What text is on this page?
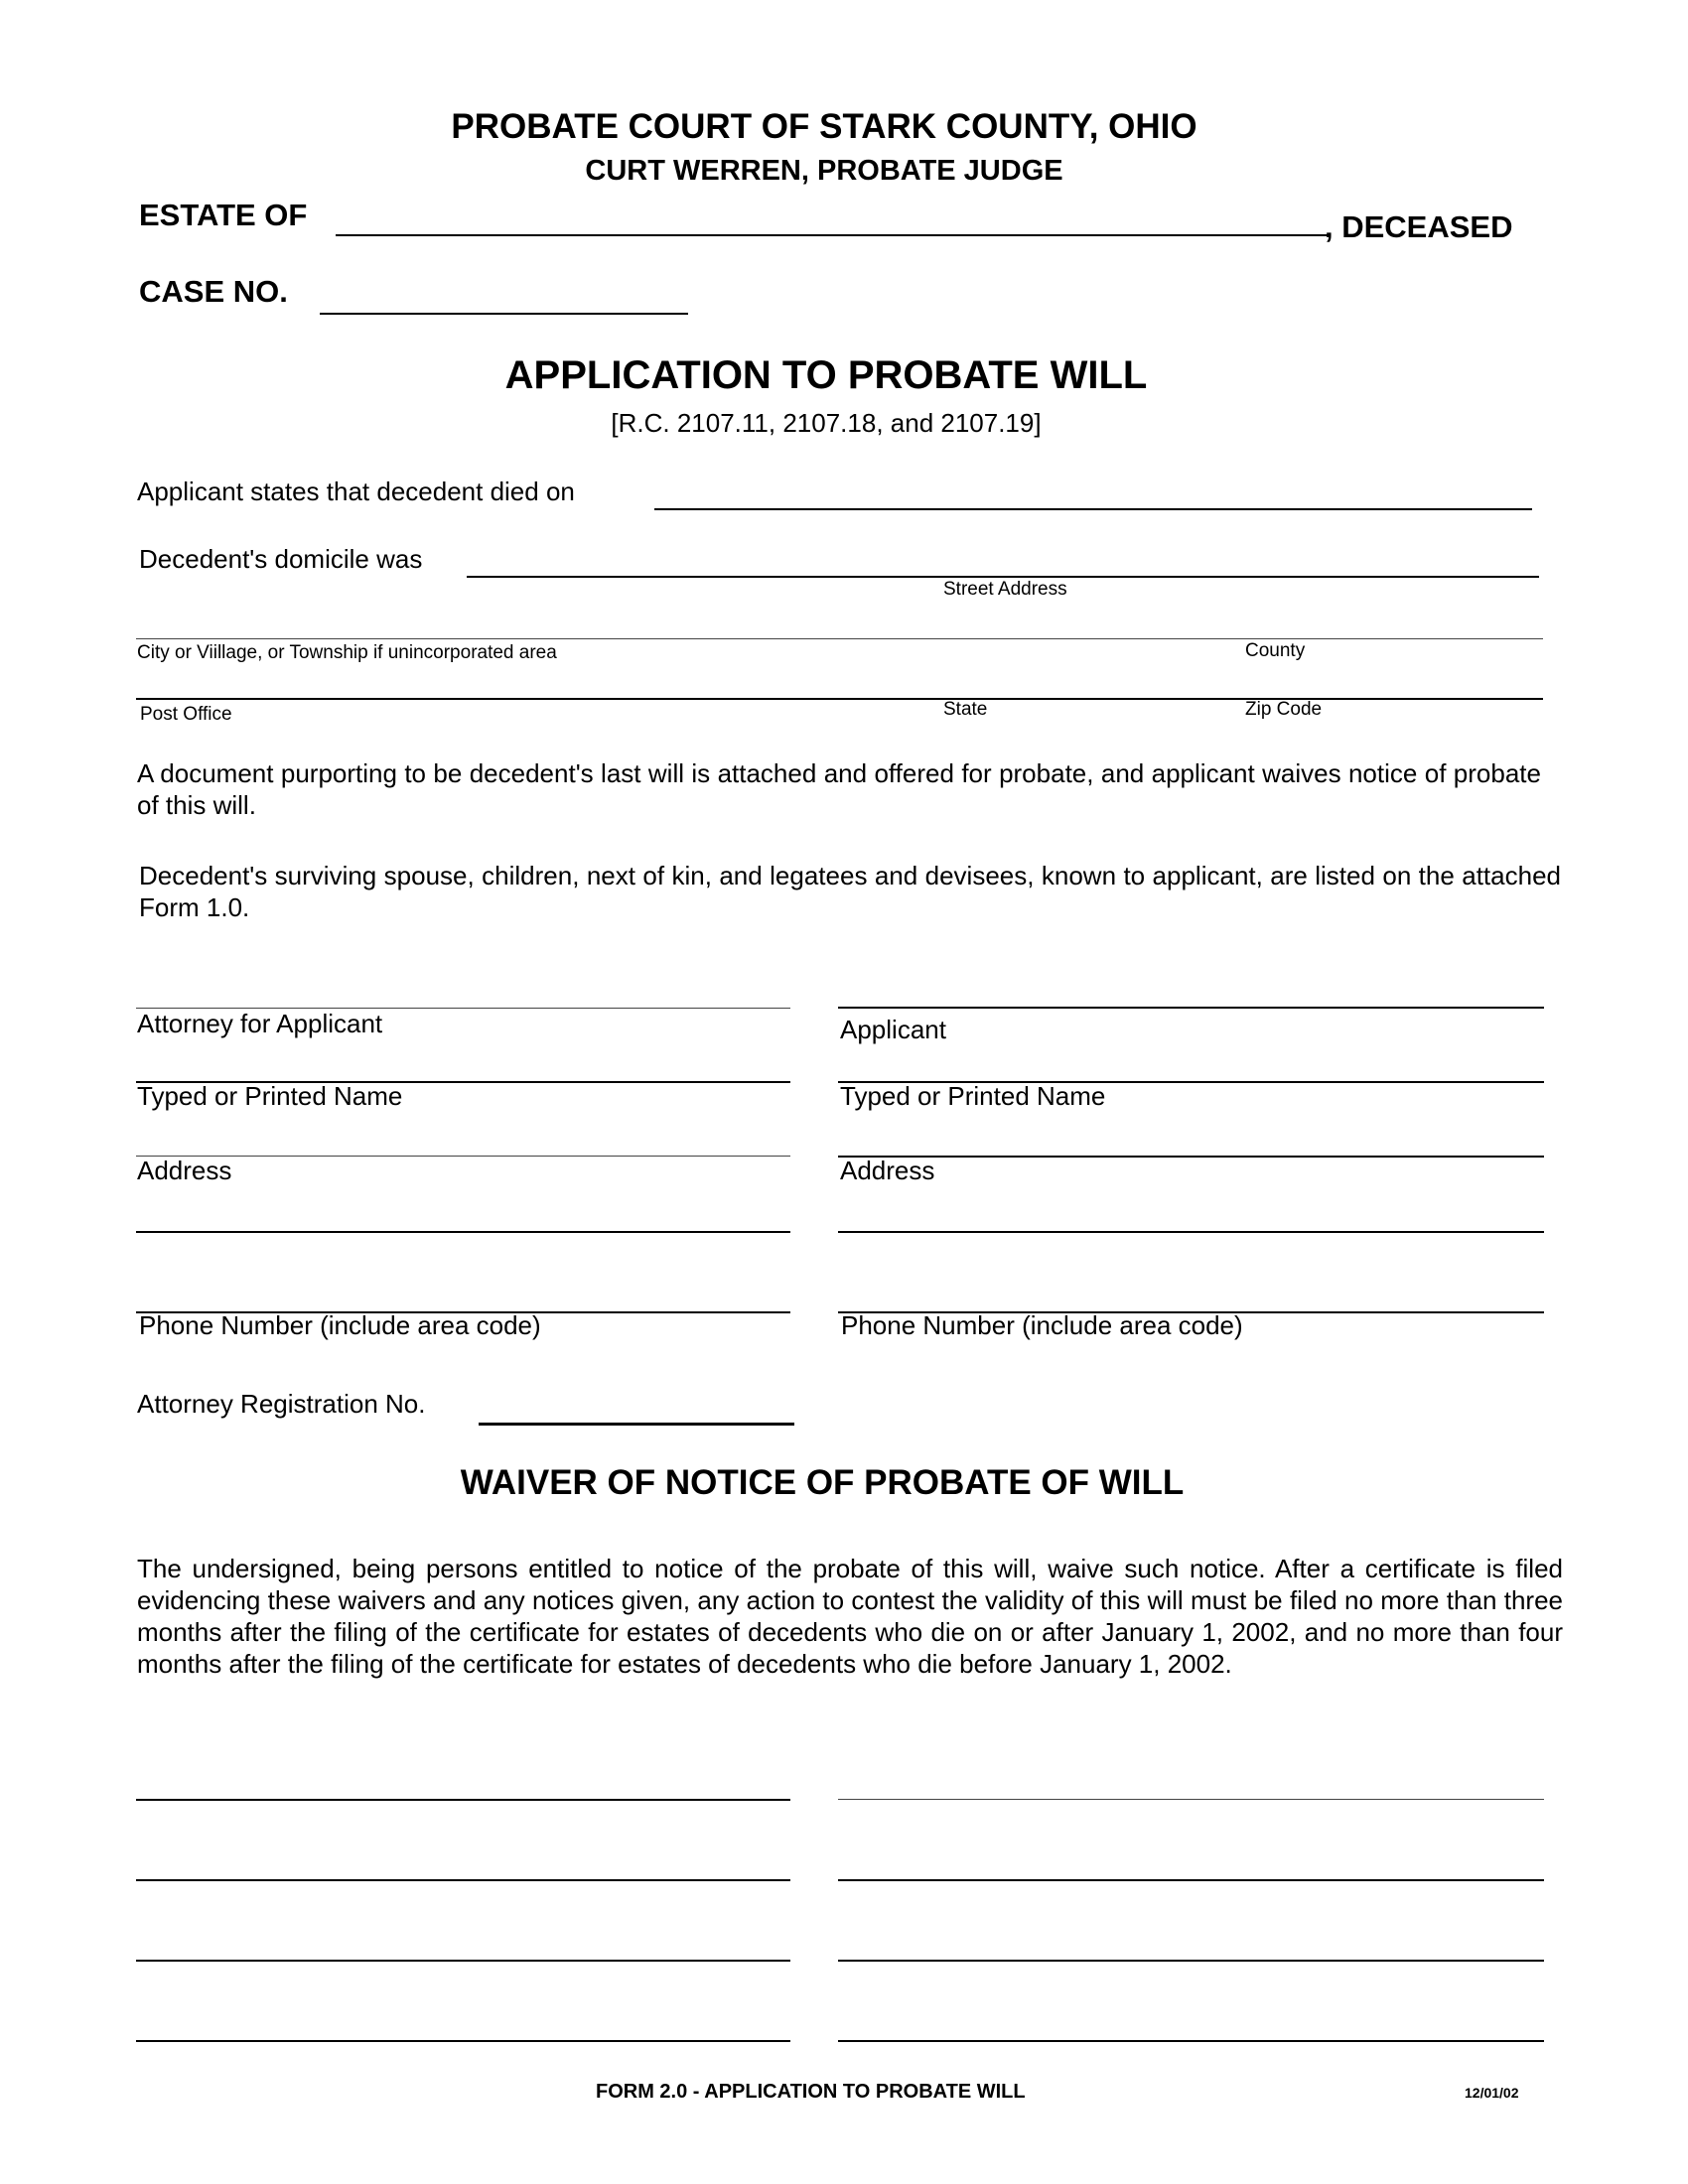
PROBATE COURT OF STARK COUNTY, OHIO
CURT WERREN, PROBATE JUDGE
ESTATE OF	, DECEASED
CASE NO.
APPLICATION TO PROBATE WILL
[R.C. 2107.11, 2107.18, and 2107.19]
Applicant states that decedent died on
Decedent's domicile was
Street Address
City or Viillage, or Township if unincorporated area	County
Post Office	State	Zip Code
A document purporting to be decedent's last will is attached and offered for probate, and applicant waives notice of probate of this will.
Decedent's surviving spouse, children, next of kin, and legatees and devisees, known to applicant, are listed on the attached Form 1.0.
Attorney for Applicant	Applicant
Typed or Printed Name	Typed or Printed Name
Address	Address
Phone Number (include area code)	Phone Number (include area code)
Attorney Registration No.
WAIVER OF NOTICE OF PROBATE OF WILL
The undersigned, being persons entitled to notice of the probate of this will, waive such notice. After a certificate is filed evidencing these waivers and any notices given, any action to contest the validity of this will must be filed no more than three months after the filing of the certificate for estates of decedents who die on or after January 1, 2002, and no more than four months after the filing of the certificate for estates of decedents who die before January 1, 2002.
FORM 2.0 - APPLICATION TO PROBATE WILL	12/01/02
